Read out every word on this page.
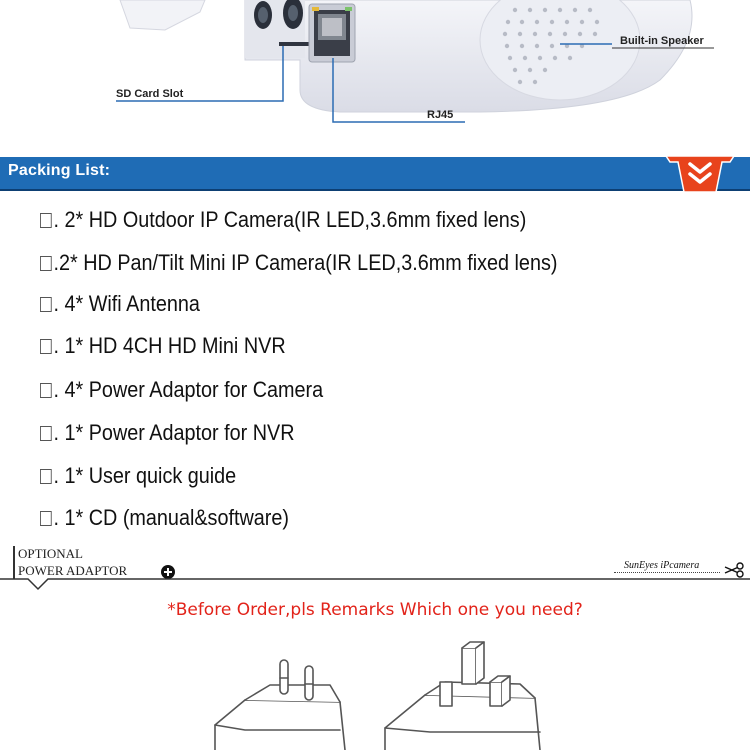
Built-in Speaker
SD Card Slot
RJ45
Packing List:
. 2* HD Outdoor IP Camera(IR LED,3.6mm fixed lens)
.2* HD Pan/Tilt Mini IP Camera(IR LED,3.6mm fixed lens)
. 4* Wifi Antenna
. 1* HD 4CH HD Mini NVR
. 4* Power Adaptor for Camera
. 1* Power Adaptor for NVR
. 1* User quick guide
. 1* CD (manual&software)
OPTIONAL
POWER ADAPTOR	SunEyes iPcamera
*Before Order,pls Remarks Which one you need?
